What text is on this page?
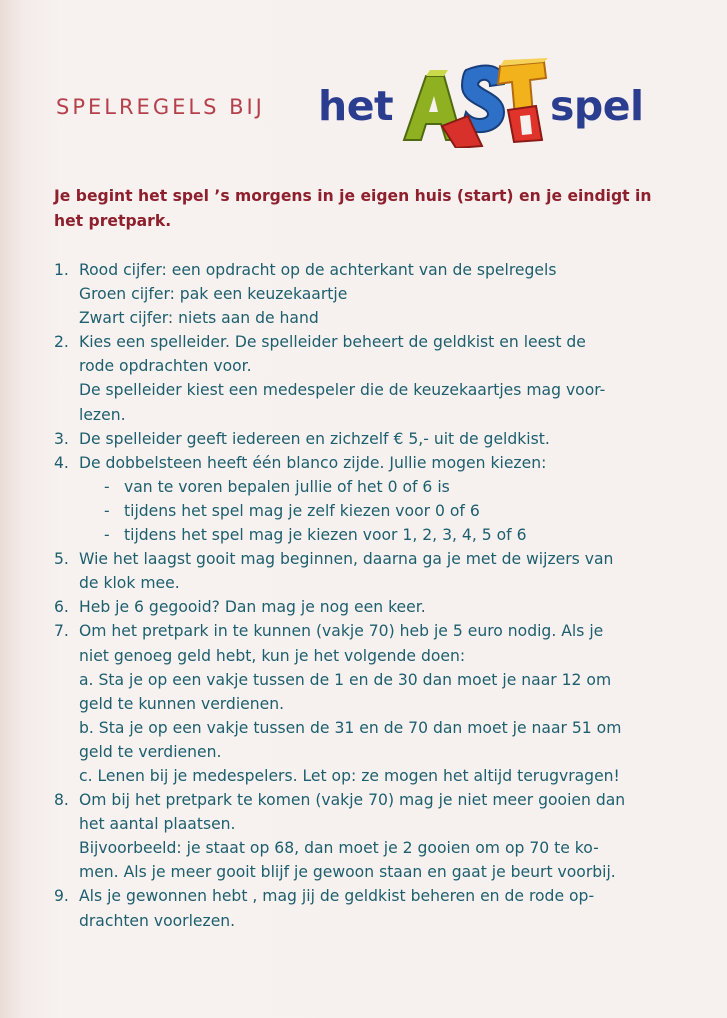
SPELREGELS BIJ het	spel
Je begint het spel ’s morgens in je eigen huis (start) en je eindigt in
het pretpark.
1. Rood cijfer: een opdracht op de achterkant van de spelregels
Groen cijfer: pak een keuzekaartje
Zwart cijfer: niets aan de hand
2. Kies een spelleider. De spelleider beheert de geldkist en leest de
rode opdrachten voor.
De spelleider kiest een medespeler die de keuzekaartjes mag voor-
lezen.
3. De spelleider geeft iedereen en zichzelf € 5,- uit de geldkist.
4. De dobbelsteen heeft één blanco zijde. Jullie mogen kiezen:
- van te voren bepalen jullie of het 0 of 6 is
- tijdens het spel mag je zelf kiezen voor 0 of 6
- tijdens het spel mag je kiezen voor 1, 2, 3, 4, 5 of 6
5. Wie het laagst gooit mag beginnen, daarna ga je met de wijzers van
de klok mee.
6. Heb je 6 gegooid? Dan mag je nog een keer.
7. Om het pretpark in te kunnen (vakje 70) heb je 5 euro nodig. Als je
niet genoeg geld hebt, kun je het volgende doen:
a. Sta je op een vakje tussen de 1 en de 30 dan moet je naar 12 om
geld te kunnen verdienen.
b. Sta je op een vakje tussen de 31 en de 70 dan moet je naar 51 om
geld te verdienen.
c. Lenen bij je medespelers. Let op: ze mogen het altijd terugvragen!
8. Om bij het pretpark te komen (vakje 70) mag je niet meer gooien dan
het aantal plaatsen.
Bijvoorbeeld: je staat op 68, dan moet je 2 gooien om op 70 te ko-
men. Als je meer gooit blijf je gewoon staan en gaat je beurt voorbij.
9. Als je gewonnen hebt , mag jij de geldkist beheren en de rode op-
drachten voorlezen.
